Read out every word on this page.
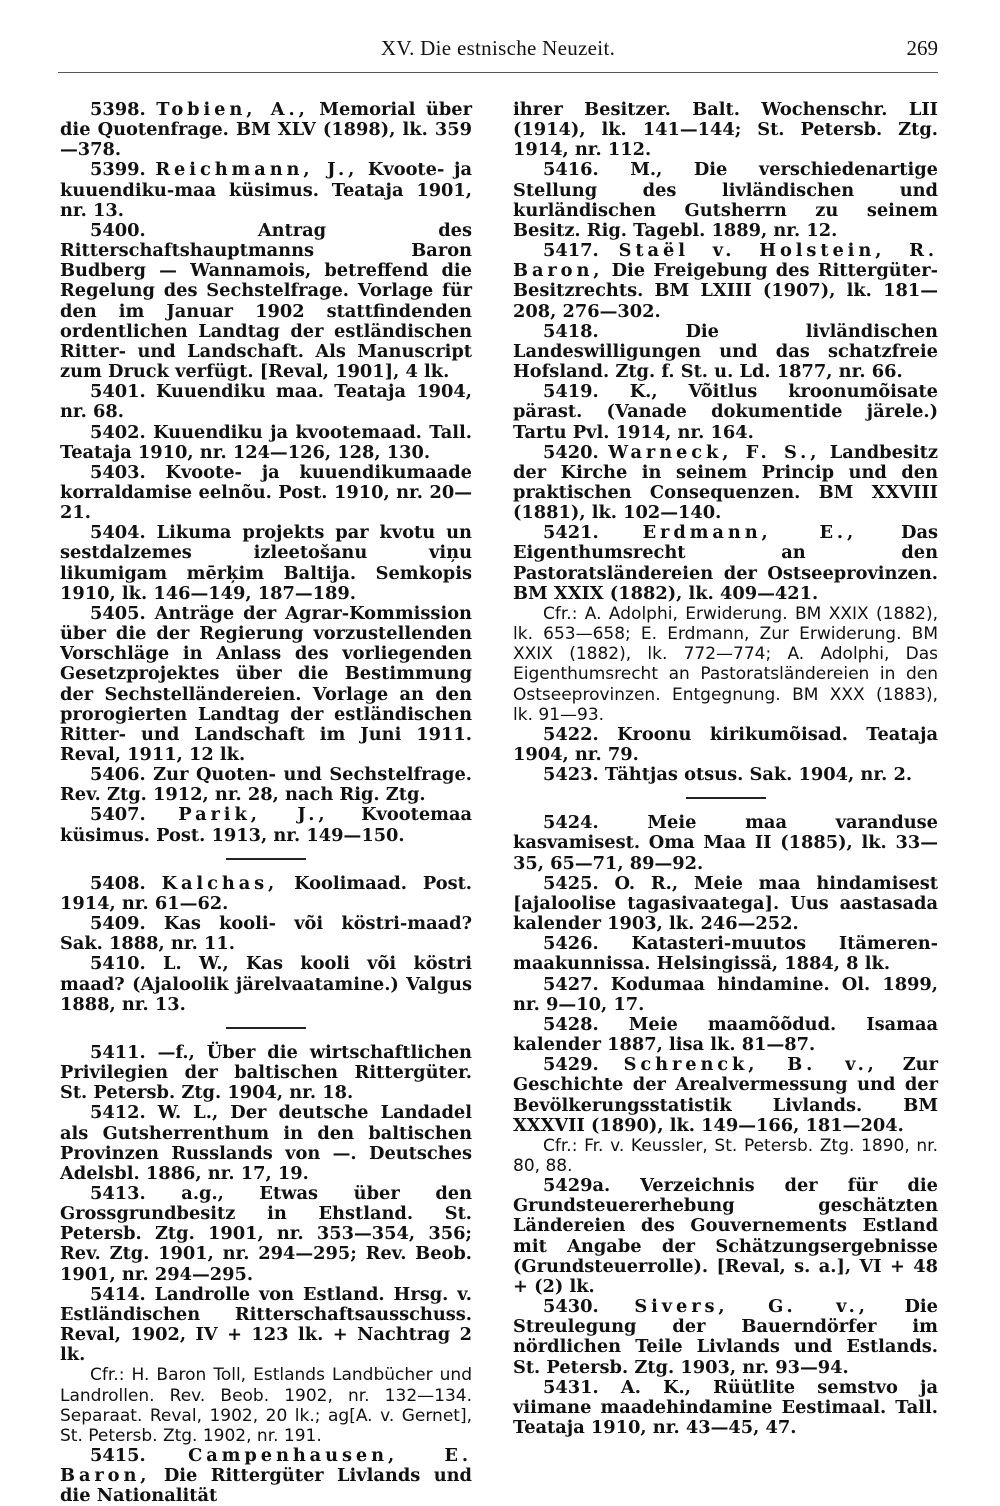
XV. Die estnische Neuzeit.	269

5398. Tobien, A., Memorial über die Quotenfrage. BM XLV (1898), lk. 359—378.

5399. Reichmann, J., Kvoote- ja kuuendiku-maa küsimus. Teataja 1901, nr. 13.

5400. Antrag des Ritterschaftshauptmanns Baron Budberg — Wannamois, betreffend die Regelung des Sechstelfrage. Vorlage für den im Januar 1902 stattfindenden ordentlichen Landtag der estländischen Ritter- und Landschaft. Als Manuscript zum Druck verfügt. [Reval, 1901], 4 lk.

5401. Kuuendiku maa. Teataja 1904, nr. 68.

5402. Kuuendiku ja kvootemaad. Tall. Teataja 1910, nr. 124—126, 128, 130.

5403. Kvoote- ja kuuendikumaade korraldamise eelnõu. Post. 1910, nr. 20—21.

5404. Likuma projekts par kvotu un sestdalzemes izleetošanu viņu likumigam mērķim Baltija. Semkopis 1910, lk. 146—149, 187—189.

5405. Anträge der Agrar-Kommission über die der Regierung vorzustellenden Vorschläge in Anlass des vorliegenden Gesetzprojektes über die Bestimmung der Sechstelländereien. Vorlage an den prorogierten Landtag der estländischen Ritter- und Landschaft im Juni 1911. Reval, 1911, 12 lk.

5406. Zur Quoten- und Sechstelfrage. Rev. Ztg. 1912, nr. 28, nach Rig. Ztg.

5407. Parik, J., Kvootemaa küsimus. Post. 1913, nr. 149—150.

5408. Kalchas, Koolimaad. Post. 1914, nr. 61—62.

5409. Kas kooli- või köstri-maad? Sak. 1888, nr. 11.

5410. L. W., Kas kooli või köstri maad? (Ajaloolik järelvaatamine.) Valgus 1888, nr. 13.

5411. —f., Über die wirtschaftlichen Privilegien der baltischen Rittergüter. St. Petersb. Ztg. 1904, nr. 18.

5412. W. L., Der deutsche Landadel als Gutsherrenthum in den baltischen Provinzen Russlands von —. Deutsches Adelsbl. 1886, nr. 17, 19.

5413. a.g., Etwas über den Grossgrundbesitz in Ehstland. St. Petersb. Ztg. 1901, nr. 353—354, 356; Rev. Ztg. 1901, nr. 294—295; Rev. Beob. 1901, nr. 294—295.

5414. Landrolle von Estland. Hrsg. v. Estländischen Ritterschaftsausschuss. Reval, 1902, IV + 123 lk. + Nachtrag 2 lk.

Cfr.: H. Baron Toll, Estlands Landbücher und Landrollen. Rev. Beob. 1902, nr. 132—134. Separaat. Reval, 1902, 20 lk.; ag[A. v. Gernet], St. Petersb. Ztg. 1902, nr. 191.

5415. Campenhausen, E. Baron, Die Rittergüter Livlands und die Nationalität

ihrer Besitzer. Balt. Wochenschr. LII (1914), lk. 141—144; St. Petersb. Ztg. 1914, nr. 112.

5416. M., Die verschiedenartige Stellung des livländischen und kurländischen Gutsherrn zu seinem Besitz. Rig. Tagebl. 1889, nr. 12.

5417. Staël v. Holstein, R. Baron, Die Freigebung des Rittergüter-Besitzrechts. BM LXIII (1907), lk. 181—208, 276—302.

5418. Die livländischen Landeswilligungen und das schatzfreie Hofsland. Ztg. f. St. u. Ld. 1877, nr. 66.

5419. K., Võitlus kroonumõisate pärast. (Vanade dokumentide järele.) Tartu Pvl. 1914, nr. 164.

5420. Warneck, F. S., Landbesitz der Kirche in seinem Princip und den praktischen Consequenzen. BM XXVIII (1881), lk. 102—140.

5421. Erdmann, E., Das Eigenthumsrecht an den Pastoratsländereien der Ostseeprovinzen. BM XXIX (1882), lk. 409—421.

Cfr.: A. Adolphi, Erwiderung. BM XXIX (1882), lk. 653—658; E. Erdmann, Zur Erwiderung. BM XXIX (1882), lk. 772—774; A. Adolphi, Das Eigenthumsrecht an Pastoratsländereien in den Ostseeprovinzen. Entgegnung. BM XXX (1883), lk. 91—93.

5422. Kroonu kirikumõisad. Teataja 1904, nr. 79.

5423. Tähtjas otsus. Sak. 1904, nr. 2.

5424. Meie maa varanduse kasvamisest. Oma Maa II (1885), lk. 33—35, 65—71, 89—92.

5425. O. R., Meie maa hindamisest [ajaloolise tagasivaatega]. Uus aastasada kalender 1903, lk. 246—252.

5426. Katasteri-muutos Itämeren-maakunnissa. Helsingissä, 1884, 8 lk.

5427. Kodumaa hindamine. Ol. 1899, nr. 9—10, 17.

5428. Meie maamõõdud. Isamaa kalender 1887, lisa lk. 81—87.

5429. Schrenck, B. v., Zur Geschichte der Arealvermessung und der Bevölkerungsstatistik Livlands. BM XXXVII (1890), lk. 149—166, 181—204.

Cfr.: Fr. v. Keussler, St. Petersb. Ztg. 1890, nr. 80, 88.

5429a. Verzeichnis der für die Grundsteuererhebung geschätzten Ländereien des Gouvernements Estland mit Angabe der Schätzungsergebnisse (Grundsteuerrolle). [Reval, s. a.], VI + 48 + (2) lk.

5430. Sivers, G. v., Die Streulegung der Bauerndörfer im nördlichen Teile Livlands und Estlands. St. Petersb. Ztg. 1903, nr. 93—94.

5431. A. K., Rüütlite semstvo ja viimane maadehindamine Eestimaal. Tall. Teataja 1910, nr. 43—45, 47.
